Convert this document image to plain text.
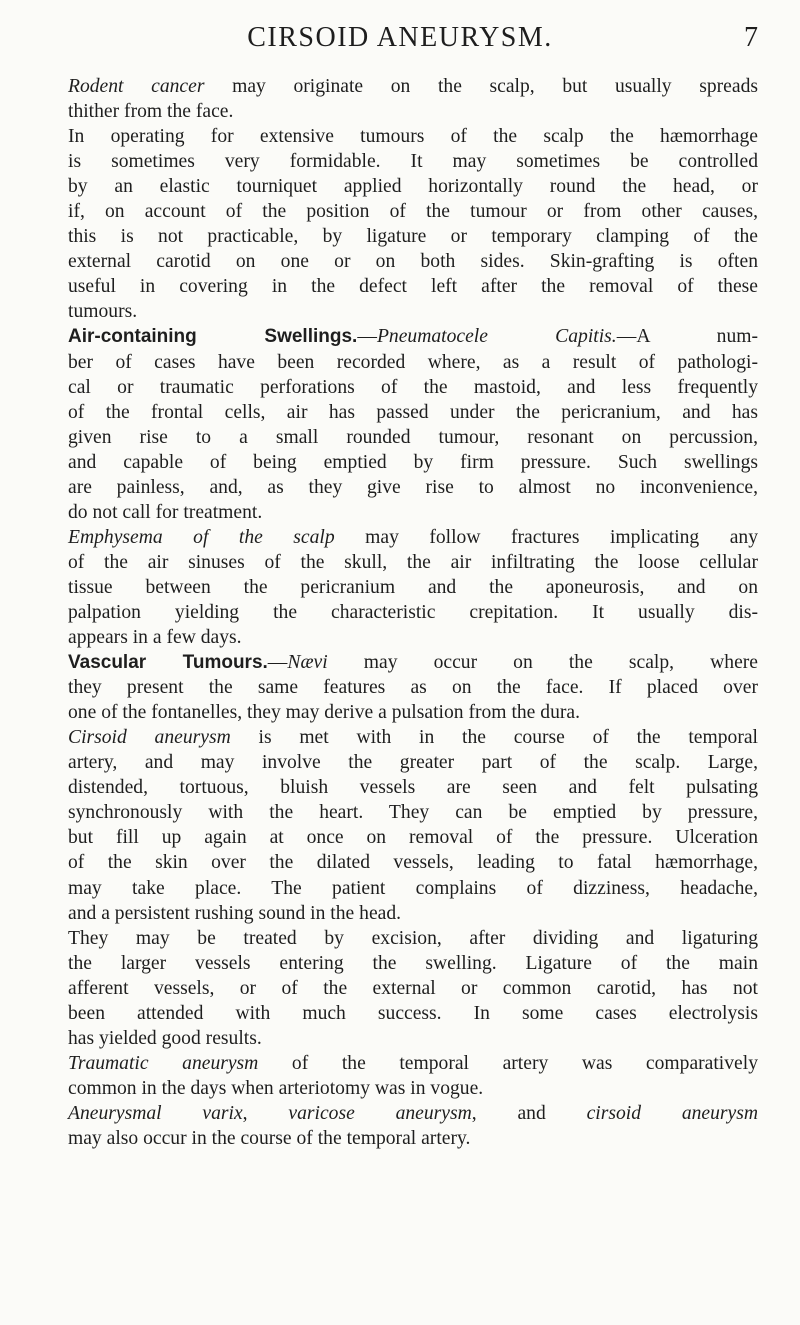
CIRSOID ANEURYSM.	7

Rodent cancer may originate on the scalp, but usually spreads
thither from the face.

In operating for extensive tumours of the scalp the hæmorrhage
is sometimes very formidable. It may sometimes be controlled
by an elastic tourniquet applied horizontally round the head, or
if, on account of the position of the tumour or from other causes,
this is not practicable, by ligature or temporary clamping of the
external carotid on one or on both sides. Skin-grafting is often
useful in covering in the defect left after the removal of these
tumours.

Air-containing Swellings.—Pneumatocele Capitis.—A num-
ber of cases have been recorded where, as a result of pathologi-
cal or traumatic perforations of the mastoid, and less frequently
of the frontal cells, air has passed under the pericranium, and has
given rise to a small rounded tumour, resonant on percussion,
and capable of being emptied by firm pressure. Such swellings
are painless, and, as they give rise to almost no inconvenience,
do not call for treatment.

Emphysema of the scalp may follow fractures implicating any
of the air sinuses of the skull, the air infiltrating the loose cellular
tissue between the pericranium and the aponeurosis, and on
palpation yielding the characteristic crepitation. It usually dis-
appears in a few days.

Vascular Tumours.—Nævi may occur on the scalp, where
they present the same features as on the face. If placed over
one of the fontanelles, they may derive a pulsation from the dura.

Cirsoid aneurysm is met with in the course of the temporal
artery, and may involve the greater part of the scalp. Large,
distended, tortuous, bluish vessels are seen and felt pulsating
synchronously with the heart. They can be emptied by pressure,
but fill up again at once on removal of the pressure. Ulceration
of the skin over the dilated vessels, leading to fatal hæmorrhage,
may take place. The patient complains of dizziness, headache,
and a persistent rushing sound in the head.

They may be treated by excision, after dividing and ligaturing
the larger vessels entering the swelling. Ligature of the main
afferent vessels, or of the external or common carotid, has not
been attended with much success. In some cases electrolysis
has yielded good results.

Traumatic aneurysm of the temporal artery was comparatively
common in the days when arteriotomy was in vogue.

Aneurysmal varix, varicose aneurysm, and cirsoid aneurysm
may also occur in the course of the temporal artery.
